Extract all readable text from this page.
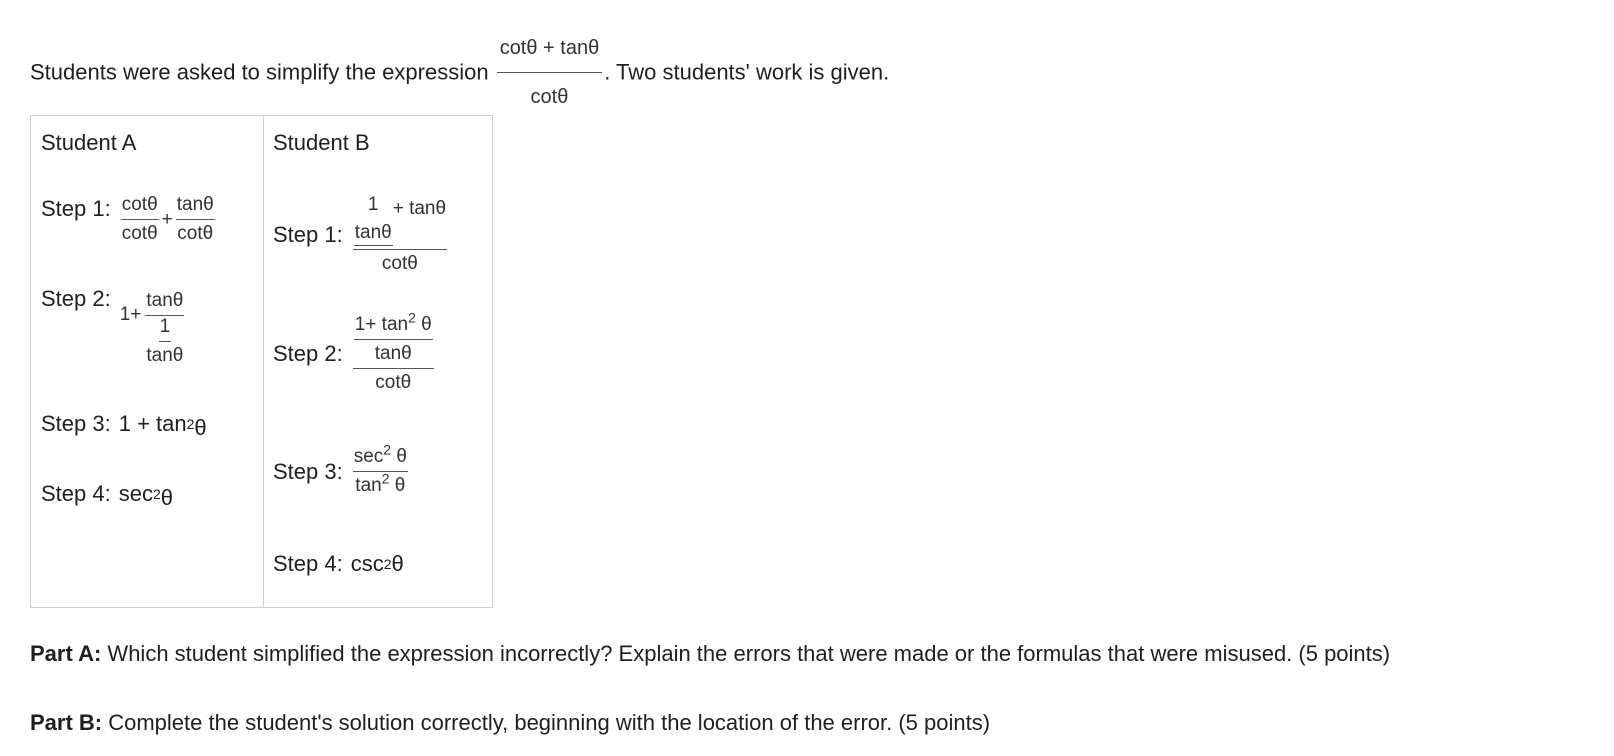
Students were asked to simplify the expression $\frac{\cot\theta + \tan\theta}{\cot\theta}$ . Two students' work is given.
Student A
Step 1: $\frac{\cot\theta}{\cot\theta} + \frac{\tan\theta}{\cot\theta}$
Step 2:
$1+ \frac{\tan\theta}{\frac{1}{\tan\theta}}$
Step 3: 1 + tan 2 θ
Step 4: sec 2 θ
Student B
Step 1: 1
tanθ
+ tanθ
cotθ
Step 2: $\frac{\frac{1+ \tan^2 \theta}{\tan\theta}}{\cot\theta}$
Step 3: $\frac{\sec^2 \theta}{\tan^2 \theta}$
Step 4: csc 2 θ
Part A: Which student simplified the expression incorrectly? Explain the errors that were made or the formulas that were misused. (5 points)
Part B: Complete the student's solution correctly, beginning with the location of the error. (5 points)
